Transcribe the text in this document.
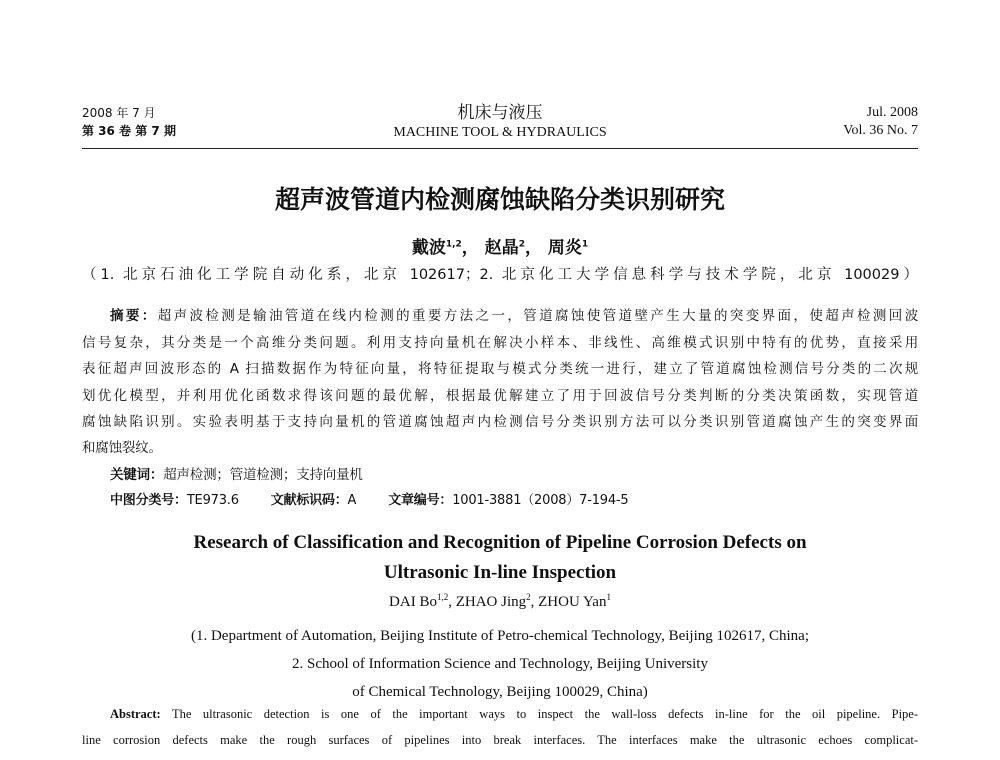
2008 年 7 月
第 36 卷 第 7 期
机床与液压
MACHINE TOOL & HYDRAULICS
Jul. 2008
Vol. 36 No. 7
超声波管道内检测腐蚀缺陷分类识别研究
戴波$^{1,2}$， 赵晶$^2$， 周炎$^1$
（1. 北京石油化工学院自动化系，北京 102617；2. 北京化工大学信息科学与技术学院，北京 100029）
摘要：超声波检测是输油管道在线内检测的重要方法之一，管道腐蚀使管道壁产生大量的突变界面，使超声检测回波
信号复杂，其分类是一个高维分类问题。利用支持向量机在解决小样本、非线性、高维模式识别中特有的优势，直接采用
表征超声回波形态的 A 扫描数据作为特征向量，将特征提取与模式分类统一进行，建立了管道腐蚀检测信号分类的二次规
划优化模型，并利用优化函数求得该问题的最优解，根据最优解建立了用于回波信号分类判断的分类决策函数，实现管道
腐蚀缺陷识别。实验表明基于支持向量机的管道腐蚀超声内检测信号分类识别方法可以分类识别管道腐蚀产生的突变界面
和腐蚀裂纹。
关键词：超声检测；管道检测；支持向量机
中图分类号：TE973.6 文献标识码：A 文章编号：1001-3881（2008）7-194-5
Research of Classification and Recognition of Pipeline Corrosion Defects on
Ultrasonic In-line Inspection
DAI Bo$^{1,2}$, ZHAO Jing$^2$, ZHOU Yan$^1$
(1. Department of Automation, Beijing Institute of Petro-chemical Technology, Beijing 102617, China;
2. School of Information Science and Technology, Beijing University
of Chemical Technology, Beijing 100029, China)
Abstract: The ultrasonic detection is one of the important ways to inspect the wall-loss defects in-line for the oil pipeline. Pipe-
line corrosion defects make the rough surfaces of pipelines into break interfaces. The interfaces make the ultrasonic echoes complicat-
